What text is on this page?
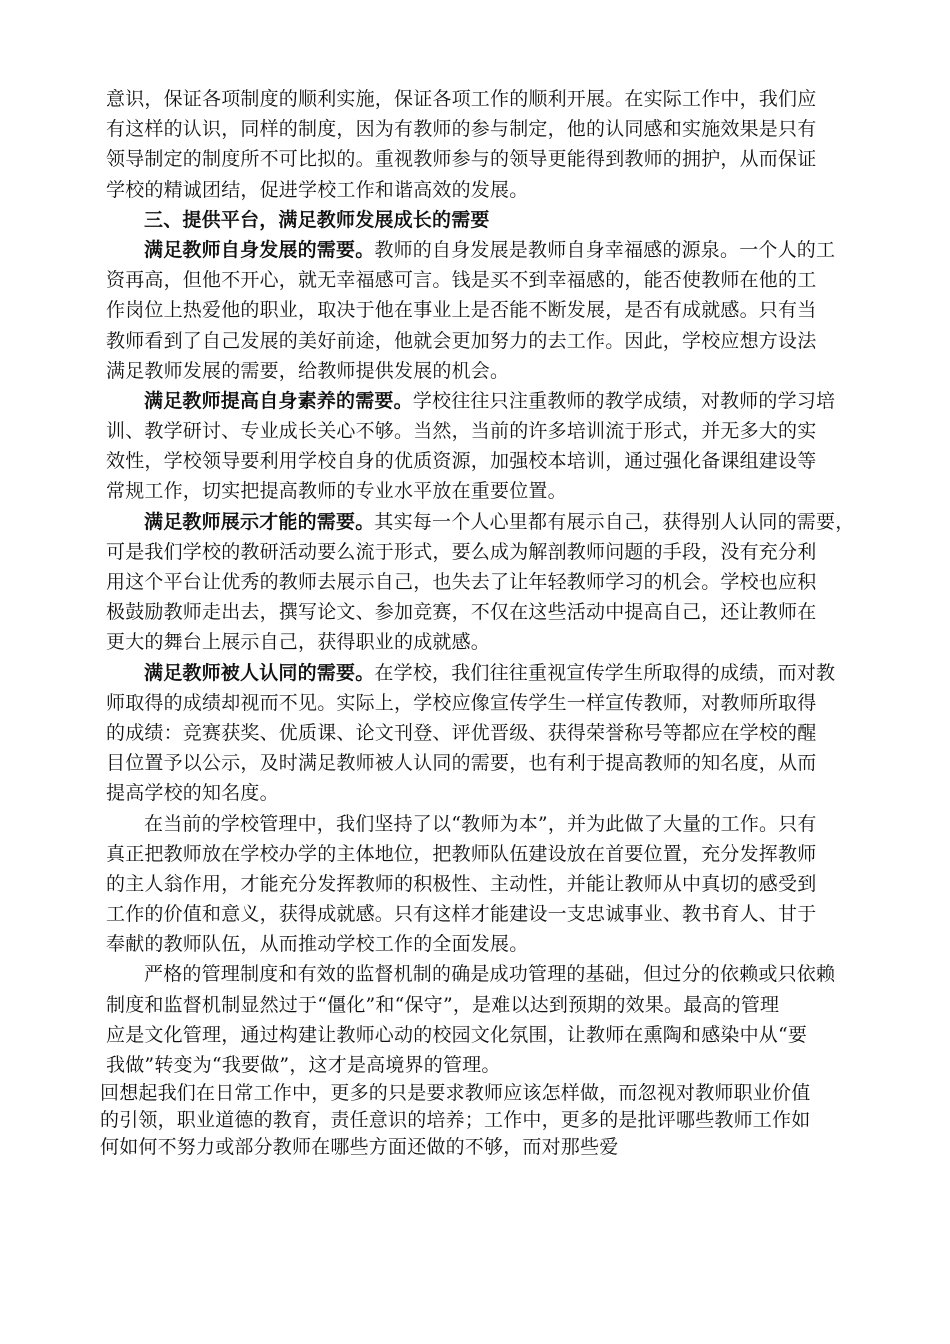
意识，保证各项制度的顺利实施，保证各项工作的顺利开展。在实际工作中，我们应
有这样的认识，同样的制度，因为有教师的参与制定，他的认同感和实施效果是只有
领导制定的制度所不可比拟的。重视教师参与的领导更能得到教师的拥护，从而保证
学校的精诚团结，促进学校工作和谐高效的发展。
三、提供平台，满足教师发展成长的需要
满足教师自身发展的需要。教师的自身发展是教师自身幸福感的源泉。一个人的工
资再高，但他不开心，就无幸福感可言。钱是买不到幸福感的，能否使教师在他的工
作岗位上热爱他的职业，取决于他在事业上是否能不断发展，是否有成就感。只有当
教师看到了自己发展的美好前途，他就会更加努力的去工作。因此，学校应想方设法
满足教师发展的需要，给教师提供发展的机会。
满足教师提高自身素养的需要。学校往往只注重教师的教学成绩，对教师的学习培
训、教学研讨、专业成长关心不够。当然，当前的许多培训流于形式，并无多大的实
效性，学校领导要利用学校自身的优质资源，加强校本培训，通过强化备课组建设等
常规工作，切实把提高教师的专业水平放在重要位置。
满足教师展示才能的需要。其实每一个人心里都有展示自己，获得别人认同的需要，
可是我们学校的教研活动要么流于形式，要么成为解剖教师问题的手段，没有充分利
用这个平台让优秀的教师去展示自己，也失去了让年轻教师学习的机会。学校也应积
极鼓励教师走出去，撰写论文、参加竞赛，不仅在这些活动中提高自己，还让教师在
更大的舞台上展示自己，获得职业的成就感。
满足教师被人认同的需要。在学校，我们往往重视宣传学生所取得的成绩，而对教
师取得的成绩却视而不见。实际上，学校应像宣传学生一样宣传教师，对教师所取得
的成绩：竞赛获奖、优质课、论文刊登、评优晋级、获得荣誉称号等都应在学校的醒
目位置予以公示，及时满足教师被人认同的需要，也有利于提高教师的知名度，从而
提高学校的知名度。
在当前的学校管理中，我们坚持了以“教师为本”，并为此做了大量的工作。只有
真正把教师放在学校办学的主体地位，把教师队伍建设放在首要位置，充分发挥教师
的主人翁作用，才能充分发挥教师的积极性、主动性，并能让教师从中真切的感受到
工作的价值和意义，获得成就感。只有这样才能建设一支忠诚事业、教书育人、甘于
奉献的教师队伍，从而推动学校工作的全面发展。
严格的管理制度和有效的监督机制的确是成功管理的基础，但过分的依赖或只依赖
制度和监督机制显然过于“僵化”和“保守”，是难以达到预期的效果。最高的管理
应是文化管理，通过构建让教师心动的校园文化氛围，让教师在熏陶和感染中从“要
我做”转变为“我要做”，这才是高境界的管理。
回想起我们在日常工作中，更多的只是要求教师应该怎样做，而忽视对教师职业价值
的引领，职业道德的教育，责任意识的培养；工作中，更多的是批评哪些教师工作如
何如何不努力或部分教师在哪些方面还做的不够，而对那些爱
